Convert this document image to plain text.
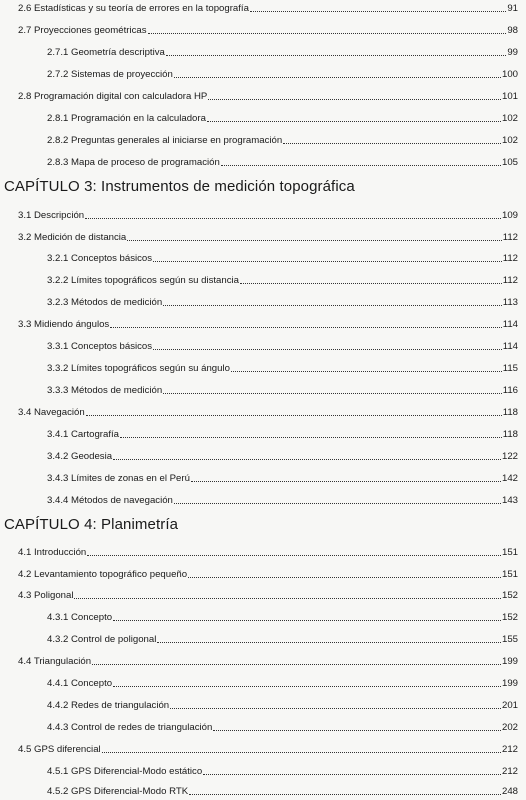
2.6 Estadísticas y su teoría de errores en la topografía	91
2.7 Proyecciones geométricas	98
2.7.1 Geometría descriptiva	99
2.7.2 Sistemas de proyección	100
2.8 Programación digital con calculadora HP	101
2.8.1 Programación en la calculadora	102
2.8.2 Preguntas generales al iniciarse en programación	102
2.8.3 Mapa de proceso de programación	105
CAPÍTULO 3: Instrumentos de medición topográfica
3.1 Descripción	109
3.2 Medición de distancia	112
3.2.1 Conceptos básicos	112
3.2.2 Límites topográficos según su distancia	112
3.2.3 Métodos de medición	113
3.3 Midiendo ángulos	114
3.3.1 Conceptos básicos	114
3.3.2 Límites topográficos según su ángulo	115
3.3.3 Métodos de medición	116
3.4 Navegación	118
3.4.1 Cartografía	118
3.4.2 Geodesia	122
3.4.3 Límites de zonas en el Perú	142
3.4.4 Métodos de navegación	143
CAPÍTULO 4: Planimetría
4.1 Introducción	151
4.2 Levantamiento topográfico pequeño	151
4.3 Poligonal	152
4.3.1 Concepto	152
4.3.2 Control de poligonal	155
4.4 Triangulación	199
4.4.1 Concepto	199
4.4.2 Redes de triangulación	201
4.4.3 Control de redes de triangulación	202
4.5 GPS diferencial	212
4.5.1 GPS Diferencial-Modo estático	212
4.5.2 GPS Diferencial-Modo RTK	248
